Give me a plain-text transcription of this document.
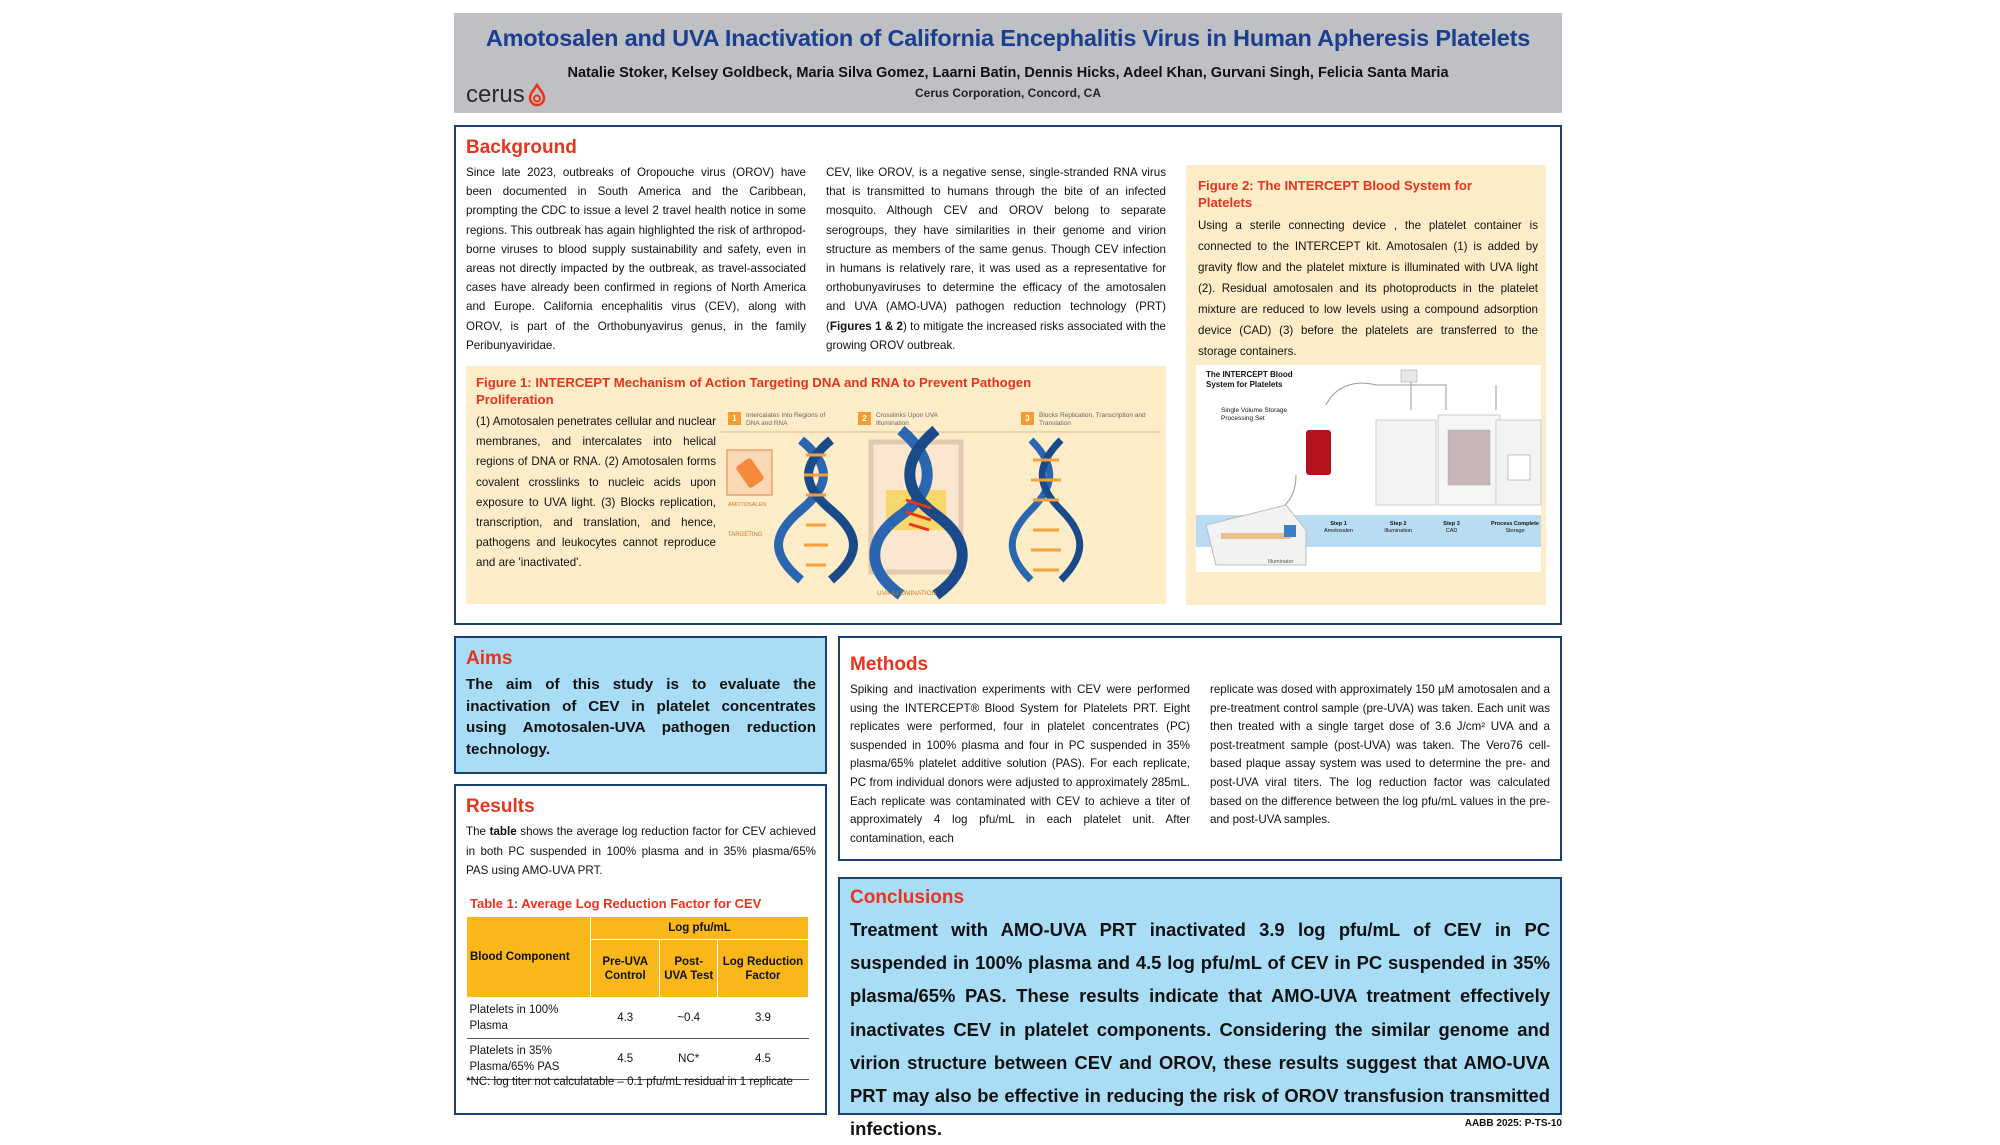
Amotosalen and UVA Inactivation of California Encephalitis Virus in Human Apheresis Platelets
Natalie Stoker, Kelsey Goldbeck, Maria Silva Gomez, Laarni Batin, Dennis Hicks, Adeel Khan, Gurvani Singh, Felicia Santa Maria
Cerus Corporation, Concord, CA
cerus
Background
Since late 2023, outbreaks of Oropouche virus (OROV) have been documented in South America and the Caribbean, prompting the CDC to issue a level 2 travel health notice in some regions. This outbreak has again highlighted the risk of arthropod-borne viruses to blood supply sustainability and safety, even in areas not directly impacted by the outbreak, as travel-associated cases have already been confirmed in regions of North America and Europe. California encephalitis virus (CEV), along with OROV, is part of the Orthobunyavirus genus, in the family Peribunyaviridae.
CEV, like OROV, is a negative sense, single-stranded RNA virus that is transmitted to humans through the bite of an infected mosquito. Although CEV and OROV belong to separate serogroups, they have similarities in their genome and virion structure as members of the same genus. Though CEV infection in humans is relatively rare, it was used as a representative for orthobunyaviruses to determine the efficacy of the amotosalen and UVA (AMO-UVA) pathogen reduction technology (PRT) (Figures 1 & 2) to mitigate the increased risks associated with the growing OROV outbreak.
Figure 1: INTERCEPT Mechanism of Action Targeting DNA and RNA to Prevent Pathogen Proliferation
(1) Amotosalen penetrates cellular and nuclear membranes, and intercalates into helical regions of DNA or RNA. (2) Amotosalen forms covalent crosslinks to nucleic acids upon exposure to UVA light. (3) Blocks replication, transcription, and translation, and hence, pathogens and leukocytes cannot reproduce and are 'inactivated'.
1	Intercalates Into Regions of DNA and RNA
2	Crosslinks Upon UVA Illumination
3	Blocks Replication, Transcription and Translation
AMOTOSALEN
TARGETING
UVA ILLUMINATION
Figure 2: The INTERCEPT Blood System for Platelets
Using a sterile connecting device , the platelet container is connected to the INTERCEPT kit. Amotosalen (1) is added by gravity flow and the platelet mixture is illuminated with UVA light (2). Residual amotosalen and its photoproducts in the platelet mixture are reduced to low levels using a compound adsorption device (CAD) (3) before the platelets are transferred to the storage containers.
The INTERCEPT Blood System for Platelets
Single Volume Storage Processing Set
Illuminator
Step 1
Amotosalen
Step 2
Illumination
Step 3
CAD
Process Complete
Storage
Aims
The aim of this study is to evaluate the inactivation of CEV in platelet concentrates using Amotosalen-UVA pathogen reduction technology.
Methods
Spiking and inactivation experiments with CEV were performed using the INTERCEPT® Blood System for Platelets PRT. Eight replicates were performed, four in platelet concentrates (PC) suspended in 100% plasma and four in PC suspended in 35% plasma/65% platelet additive solution (PAS). For each replicate, PC from individual donors were adjusted to approximately 285mL. Each replicate was contaminated with CEV to achieve a titer of approximately 4 log pfu/mL in each platelet unit. After contamination, each
replicate was dosed with approximately 150 µM amotosalen and a pre-treatment control sample (pre-UVA) was taken. Each unit was then treated with a single target dose of 3.6 J/cm² UVA and a post-treatment sample (post-UVA) was taken. The Vero76 cell-based plaque assay system was used to determine the pre- and post-UVA viral titers. The log reduction factor was calculated based on the difference between the log pfu/mL values in the pre- and post-UVA samples.
Results
The table shows the average log reduction factor for CEV achieved in both PC suspended in 100% plasma and in 35% plasma/65% PAS using AMO-UVA PRT.
Table 1: Average Log Reduction Factor for CEV
Blood Component	Log pfu/mL		
	Pre-UVA Control	Post-UVA Test	Log Reduction Factor
Platelets in 100% Plasma	4.3	~0.4	3.9
Platelets in 35% Plasma/65% PAS	4.5	NC*	4.5
*NC: log titer not calculatable – 0.1 pfu/mL residual in 1 replicate
Conclusions
Treatment with AMO-UVA PRT inactivated 3.9 log pfu/mL of CEV in PC suspended in 100% plasma and 4.5 log pfu/mL of CEV in PC suspended in 35% plasma/65% PAS. These results indicate that AMO-UVA treatment effectively inactivates CEV in platelet components. Considering the similar genome and virion structure between CEV and OROV, these results suggest that AMO-UVA PRT may also be effective in reducing the risk of OROV transfusion transmitted infections.	AABB 2025: P-TS-10
